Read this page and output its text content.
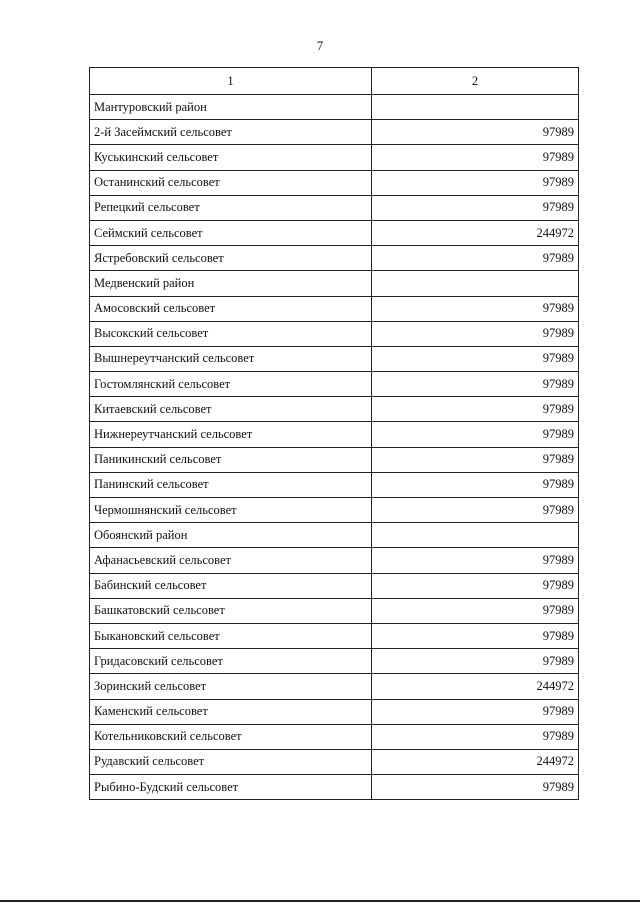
7
1	2
Мантуровский район	
2-й Засеймский сельсовет	97989
Куськинский сельсовет	97989
Останинский сельсовет	97989
Репецкий сельсовет	97989
Сеймский сельсовет	244972
Ястребовский сельсовет	97989
Медвенский район	
Амосовский сельсовет	97989
Высокский сельсовет	97989
Вышнереутчанский сельсовет	97989
Гостомлянский сельсовет	97989
Китаевский сельсовет	97989
Нижнереутчанский сельсовет	97989
Паникинский сельсовет	97989
Панинский сельсовет	97989
Чермошнянский сельсовет	97989
Обоянский район	
Афанасьевский сельсовет	97989
Бабинский сельсовет	97989
Башкатовский сельсовет	97989
Быкановский сельсовет	97989
Гридасовский сельсовет	97989
Зоринский сельсовет	244972
Каменский сельсовет	97989
Котельниковский сельсовет	97989
Рудавский сельсовет	244972
Рыбино-Будский сельсовет	97989
